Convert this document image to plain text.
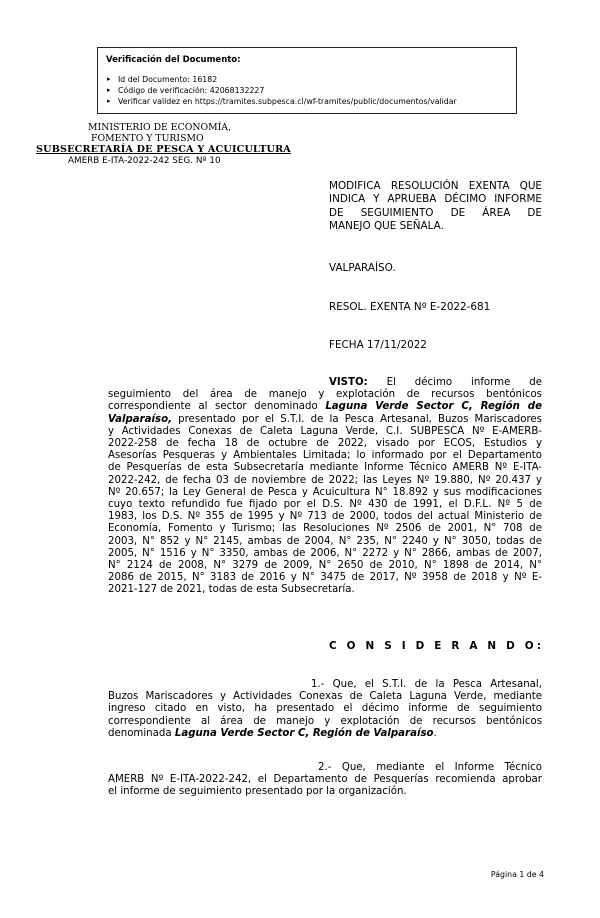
Verificación del Documento:
▸ Id del Documento: 16182
▸ Código de verificación: 42068132227
▸ Verificar validez en https://tramites.subpesca.cl/wf-tramites/public/documentos/validar
MINISTERIO DE ECONOMÍA,
FOMENTO Y TURISMO
SUBSECRETARÍA DE PESCA Y ACUICULTURA
AMERB E-ITA-2022-242 SEG. Nº 10
MODIFICA RESOLUCIÓN EXENTA QUE
INDICA Y APRUEBA DÉCIMO INFORME
DE SEGUIMIENTO DE ÁREA DE
MANEJO QUE SEÑALA.
VALPARAÍSO.
RESOL. EXENTA Nº E-2022-681
FECHA 17/11/2022
VISTO: El décimo informe de
seguimiento del área de manejo y explotación de recursos bentónicos
correspondiente al sector denominado Laguna Verde Sector C, Región de
Valparaíso, presentado por el S.T.I. de la Pesca Artesanal, Buzos Mariscadores
y Actividades Conexas de Caleta Laguna Verde, C.I. SUBPESCA Nº E-AMERB-
2022-258 de fecha 18 de octubre de 2022, visado por ECOS, Estudios y
Asesorías Pesqueras y Ambientales Limitada; lo informado por el Departamento
de Pesquerías de esta Subsecretaría mediante Informe Técnico AMERB Nº E-ITA-
2022-242, de fecha 03 de noviembre de 2022; las Leyes Nº 19.880, Nº 20.437 y
Nº 20.657; la Ley General de Pesca y Acuicultura N° 18.892 y sus modificaciones
cuyo texto refundido fue fijado por el D.S. Nº 430 de 1991, el D.F.L. Nº 5 de
1983, los D.S. Nº 355 de 1995 y Nº 713 de 2000, todos del actual Ministerio de
Economía, Fomento y Turismo; las Resoluciones Nº 2506 de 2001, N° 708 de
2003, N° 852 y N° 2145, ambas de 2004, N° 235, N° 2240 y N° 3050, todas de
2005, N° 1516 y N° 3350, ambas de 2006, N° 2272 y N° 2866, ambas de 2007,
N° 2124 de 2008, N° 3279 de 2009, N° 2650 de 2010, N° 1898 de 2014, N°
2086 de 2015, N° 3183 de 2016 y N° 3475 de 2017, Nº 3958 de 2018 y Nº E-
2021-127 de 2021, todas de esta Subsecretaría.
C O N S I D E R A N D O:
1.- Que, el S.T.I. de la Pesca Artesanal,
Buzos Mariscadores y Actividades Conexas de Caleta Laguna Verde, mediante
ingreso citado en visto, ha presentado el décimo informe de seguimiento
correspondiente al área de manejo y explotación de recursos bentónicos
denominada Laguna Verde Sector C, Región de Valparaíso.
2.- Que, mediante el Informe Técnico
AMERB Nº E-ITA-2022-242, el Departamento de Pesquerías recomienda aprobar
el informe de seguimiento presentado por la organización.
Página 1 de 4
